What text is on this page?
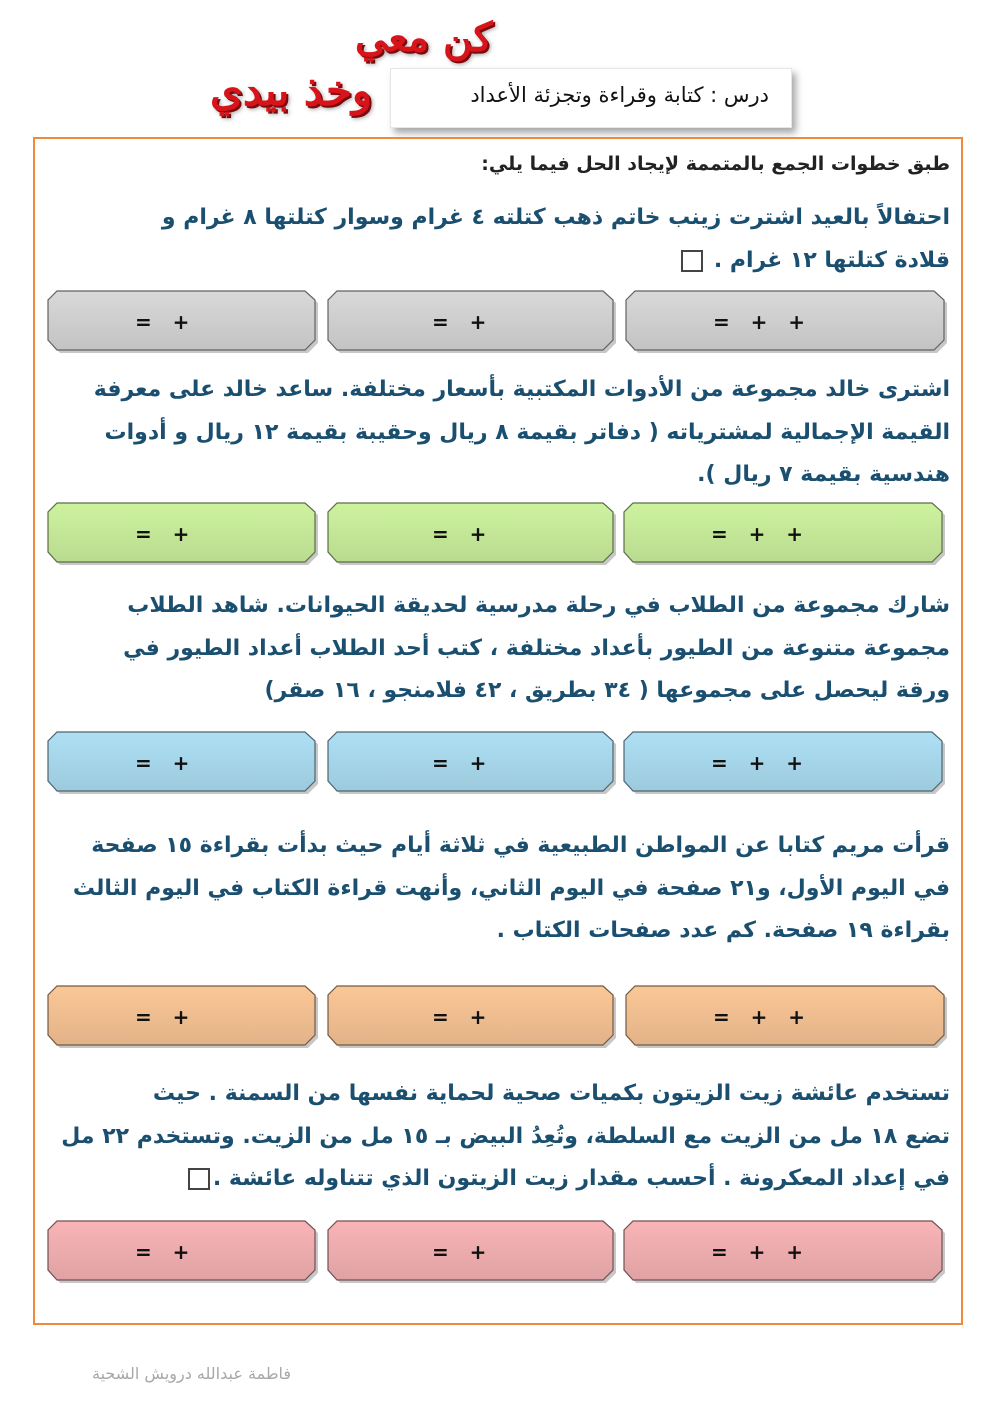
كن معي
وخذ بيدي	درس : كتابة وقراءة وتجزئة الأعداد
طبق خطوات الجمع بالمتممة لإيجاد الحل فيما يلي:
احتفالاً بالعيد اشترت زينب خاتم ذهب كتلته ٤ غرام وسوار كتلتها ٨ غرام و
قلادة كتلتها ١٢ غرام .
=   +   +
=   +
=   +
اشترى خالد مجموعة من الأدوات المكتبية بأسعار مختلفة. ساعد خالد على معرفة
القيمة الإجمالية لمشترياته ( دفاتر بقيمة ٨ ريال وحقيبة بقيمة ١٢ ريال و أدوات
هندسية بقيمة ٧ ريال ).
=   +   +
=   +
=   +
شارك مجموعة من الطلاب في رحلة مدرسية لحديقة الحيوانات. شاهد الطلاب
مجموعة متنوعة من الطيور بأعداد مختلفة ، كتب أحد الطلاب أعداد الطيور في
ورقة ليحصل على مجموعها ( ٣٤ بطريق ، ٤٢ فلامنجو ، ١٦ صقر)
=   +   +
=   +
=   +
قرأت مريم كتابا عن المواطن الطبيعية في ثلاثة أيام حيث بدأت بقراءة ١٥ صفحة
في اليوم الأول، و٢١ صفحة في اليوم الثاني، وأنهت قراءة الكتاب في اليوم الثالث
بقراءة ١٩ صفحة. كم عدد صفحات الكتاب .
=   +   +
=   +
=   +
تستخدم عائشة زيت الزيتون بكميات صحية لحماية نفسها من السمنة . حيث
تضع ١٨ مل من الزيت مع السلطة، وتُعِدُ البيض بـ ١٥ مل من الزيت. وتستخدم ٢٢ مل
في إعداد المعكرونة . أحسب مقدار زيت الزيتون الذي تتناوله عائشة .
=   +   +
=   +
=   +
فاطمة عبدالله درويش الشحية
